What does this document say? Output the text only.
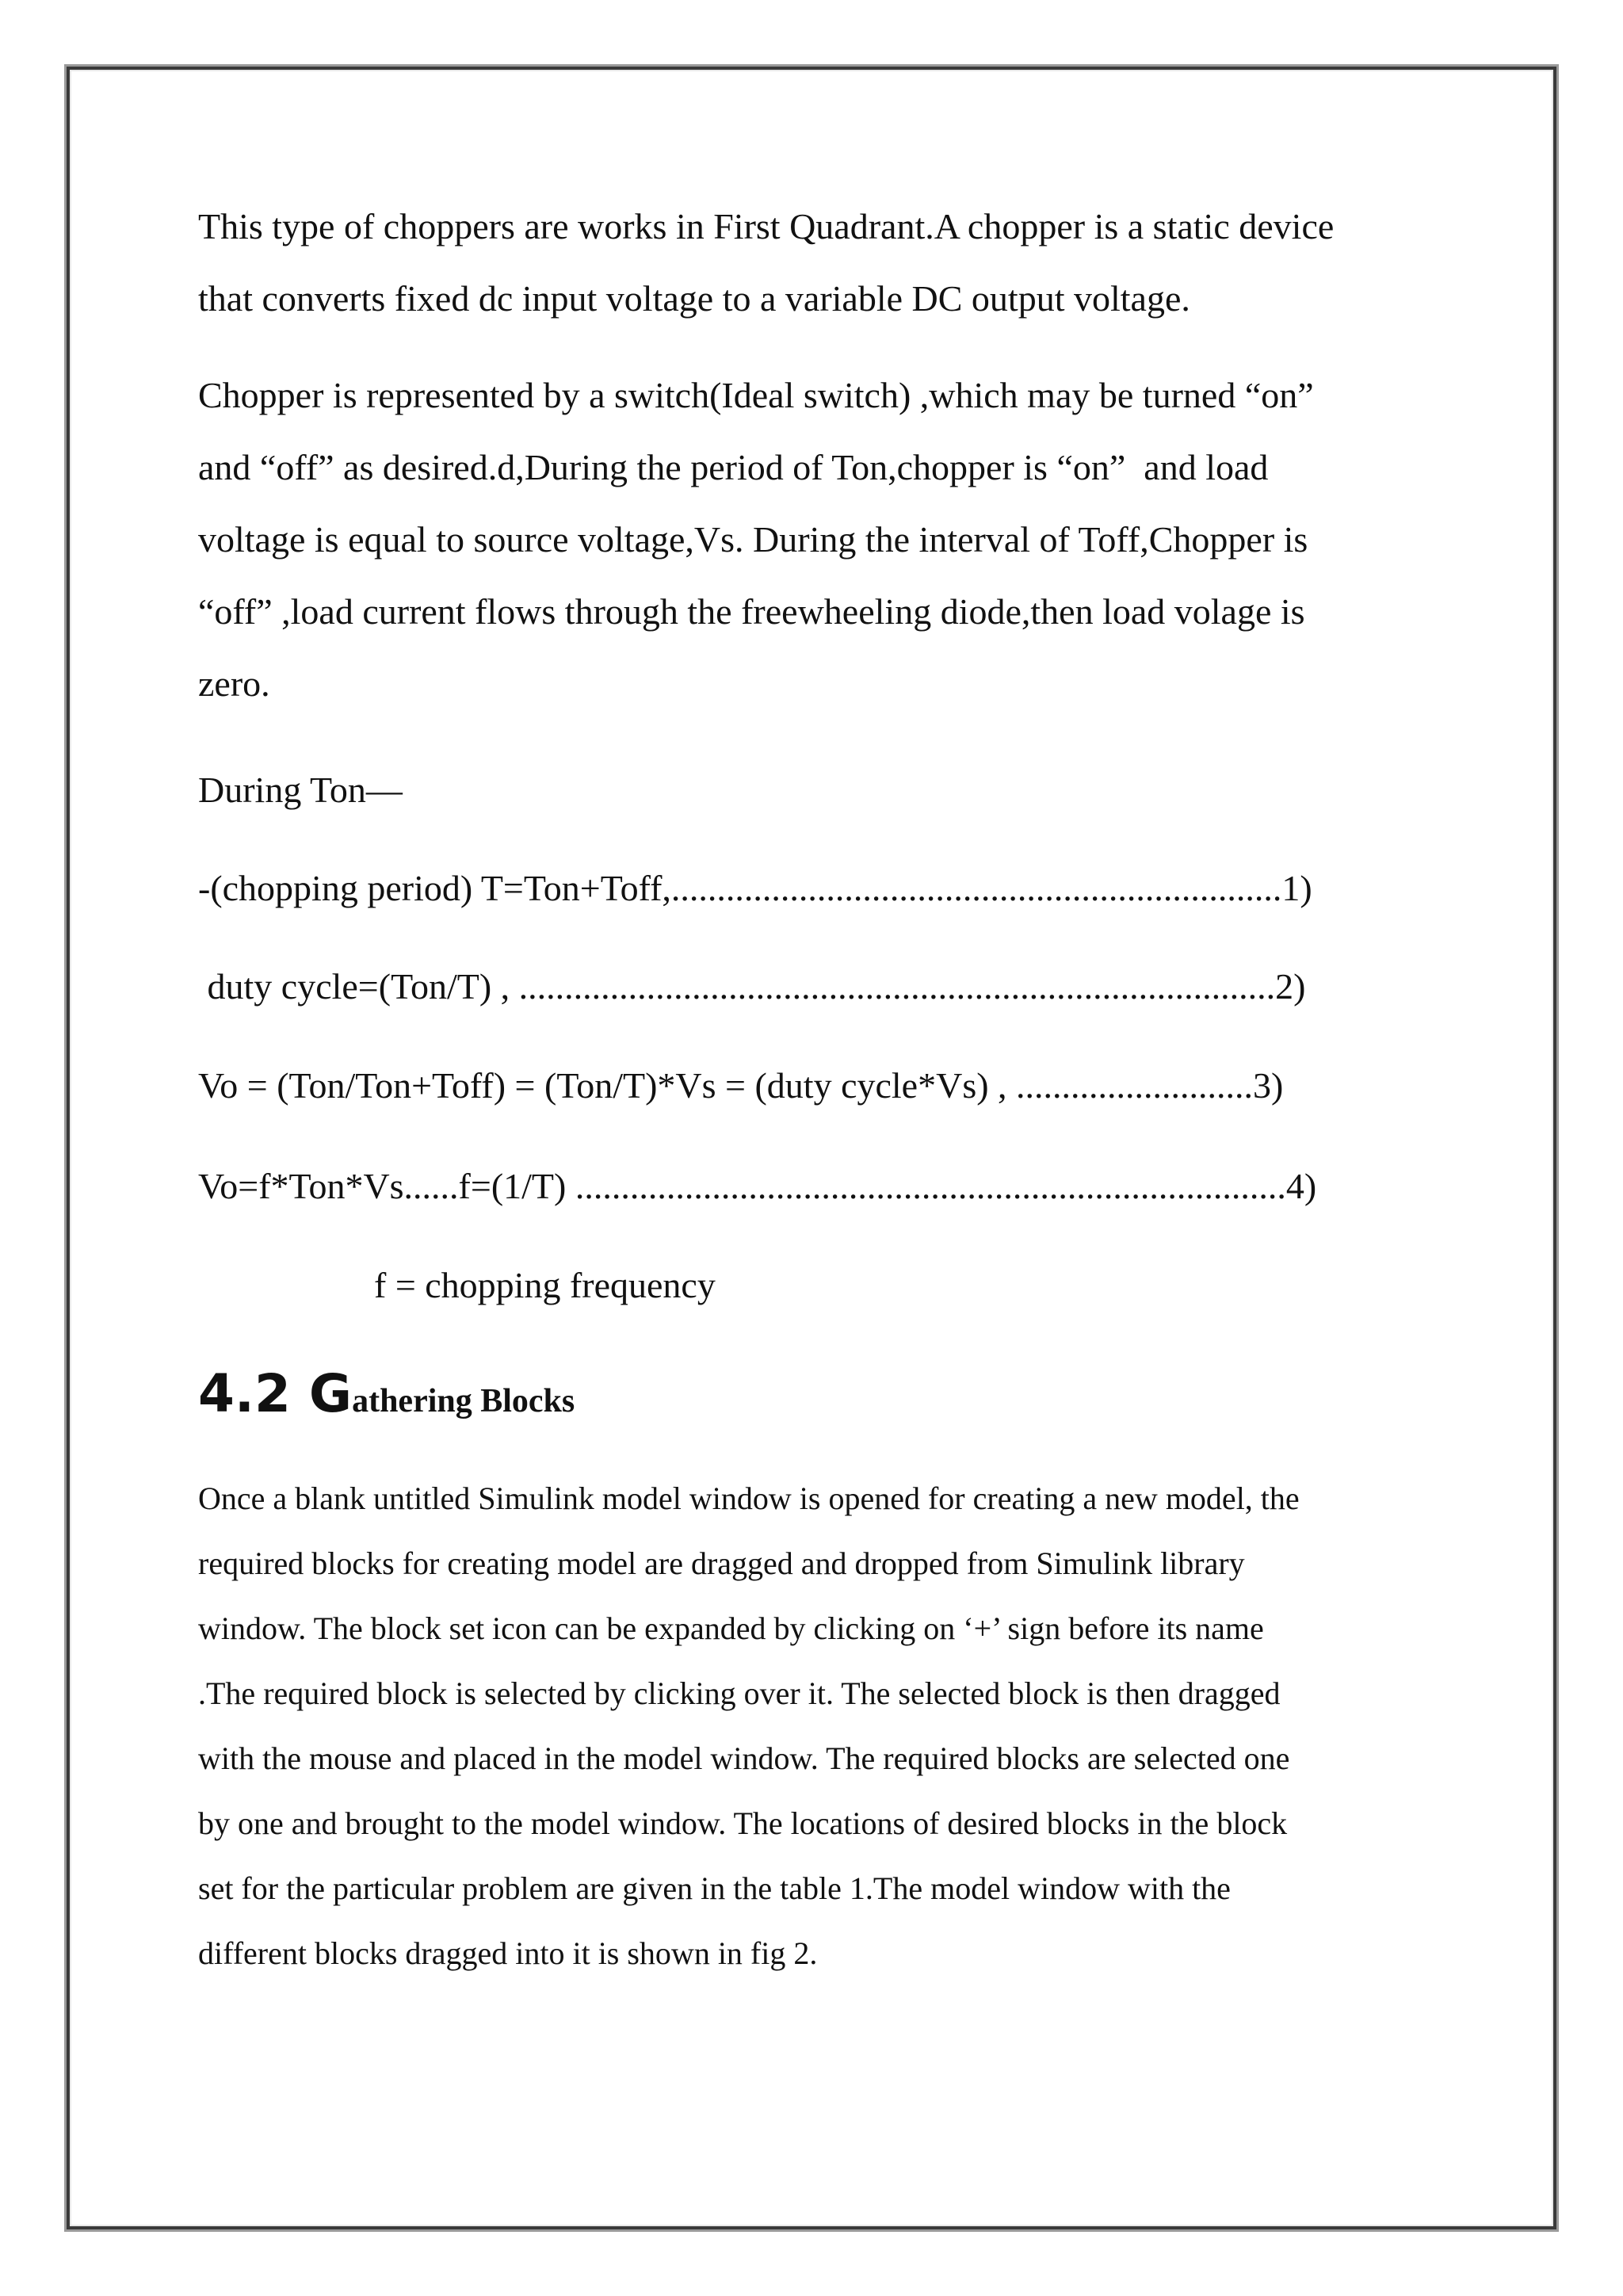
This type of choppers are works in First Quadrant.A chopper is a static device
that converts fixed dc input voltage to a variable DC output voltage.

Chopper is represented by a switch(Ideal switch) ,which may be turned “on”
and “off” as desired.d,During the period of Ton,chopper is “on”  and load
voltage is equal to source voltage,Vs. During the interval of Toff,Chopper is
“off” ,load current flows through the freewheeling diode,then load volage is
zero.

During Ton—

-(chopping period) T=Ton+Toff,...................................................................1)

duty cycle=(Ton/T) , ...................................................................................2)

Vo = (Ton/Ton+Toff) = (Ton/T)*Vs = (duty cycle*Vs) , ..........................3)

Vo=f*Ton*Vs......f=(1/T) ..............................................................................4)

f = chopping frequency

4.2 Gathering Blocks

Once a blank untitled Simulink model window is opened for creating a new model, the
required blocks for creating model are dragged and dropped from Simulink library
window. The block set icon can be expanded by clicking on ‘+’ sign before its name
.The required block is selected by clicking over it. The selected block is then dragged
with the mouse and placed in the model window. The required blocks are selected one
by one and brought to the model window. The locations of desired blocks in the block
set for the particular problem are given in the table 1.The model window with the
different blocks dragged into it is shown in fig 2.
